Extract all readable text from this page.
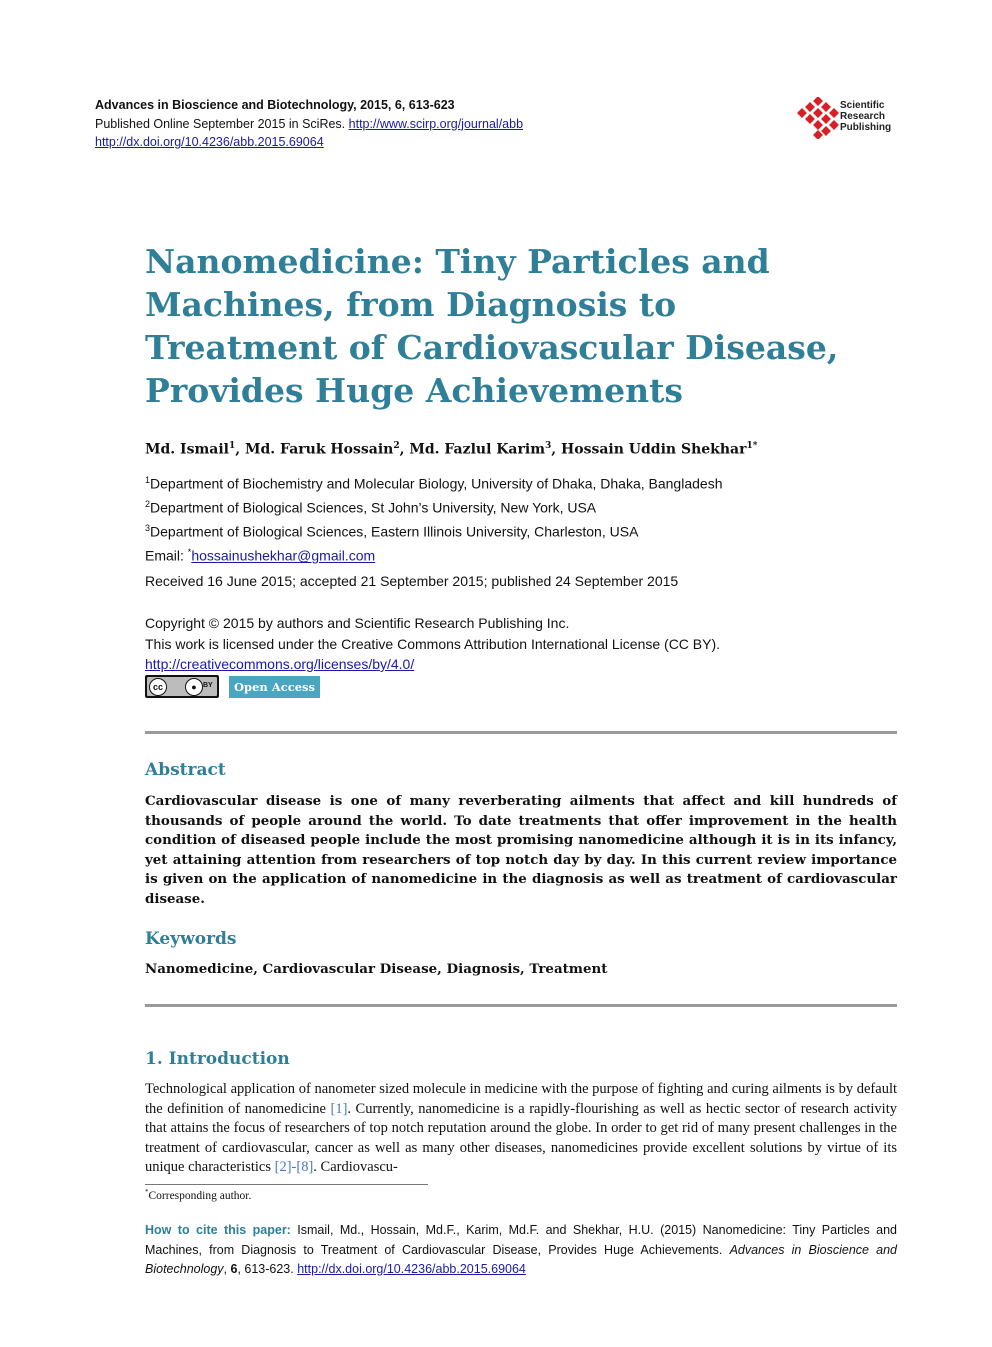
Advances in Bioscience and Biotechnology, 2015, 6, 613-623
Published Online September 2015 in SciRes. http://www.scirp.org/journal/abb
http://dx.doi.org/10.4236/abb.2015.69064
Scientific
Research
Publishing
Nanomedicine: Tiny Particles and Machines, from Diagnosis to Treatment of Cardiovascular Disease, Provides Huge Achievements
Md. Ismail$^1$, Md. Faruk Hossain$^2$, Md. Fazlul Karim$^3$, Hossain Uddin Shekhar$^{1*}$
$^1$Department of Biochemistry and Molecular Biology, University of Dhaka, Dhaka, Bangladesh
$^2$Department of Biological Sciences, St John’s University, New York, USA
$^3$Department of Biological Sciences, Eastern Illinois University, Charleston, USA
Email: *hossainushekhar@gmail.com
Received 16 June 2015; accepted 21 September 2015; published 24 September 2015
Copyright © 2015 by authors and Scientific Research Publishing Inc.
This work is licensed under the Creative Commons Attribution International License (CC BY).
http://creativecommons.org/licenses/by/4.0/
cc	● BY	Open Access
Abstract

Cardiovascular disease is one of many reverberating ailments that affect and kill hundreds of thousands of people around the world. To date treatments that offer improvement in the health condition of diseased people include the most promising nanomedicine although it is in its infancy, yet attaining attention from researchers of top notch day by day. In this current review importance is given on the application of nanomedicine in the diagnosis as well as treatment of cardiovascular disease.

Keywords
Nanomedicine, Cardiovascular Disease, Diagnosis, Treatment
1. Introduction

Technological application of nanometer sized molecule in medicine with the purpose of fighting and curing ailments is by default the definition of nanomedicine [1]. Currently, nanomedicine is a rapidly-flourishing as well as hectic sector of research activity that attains the focus of researchers of top notch reputation around the globe. In order to get rid of many present challenges in the treatment of cardiovascular, cancer as well as many other diseases, nanomedicines provide excellent solutions by virtue of its unique characteristics [2]-[8]. Cardiovascu-

*Corresponding author.

How to cite this paper: Ismail, Md., Hossain, Md.F., Karim, Md.F. and Shekhar, H.U. (2015) Nanomedicine: Tiny Particles and Machines, from Diagnosis to Treatment of Cardiovascular Disease, Provides Huge Achievements. Advances in Bioscience and Biotechnology, 6, 613-623. http://dx.doi.org/10.4236/abb.2015.69064
